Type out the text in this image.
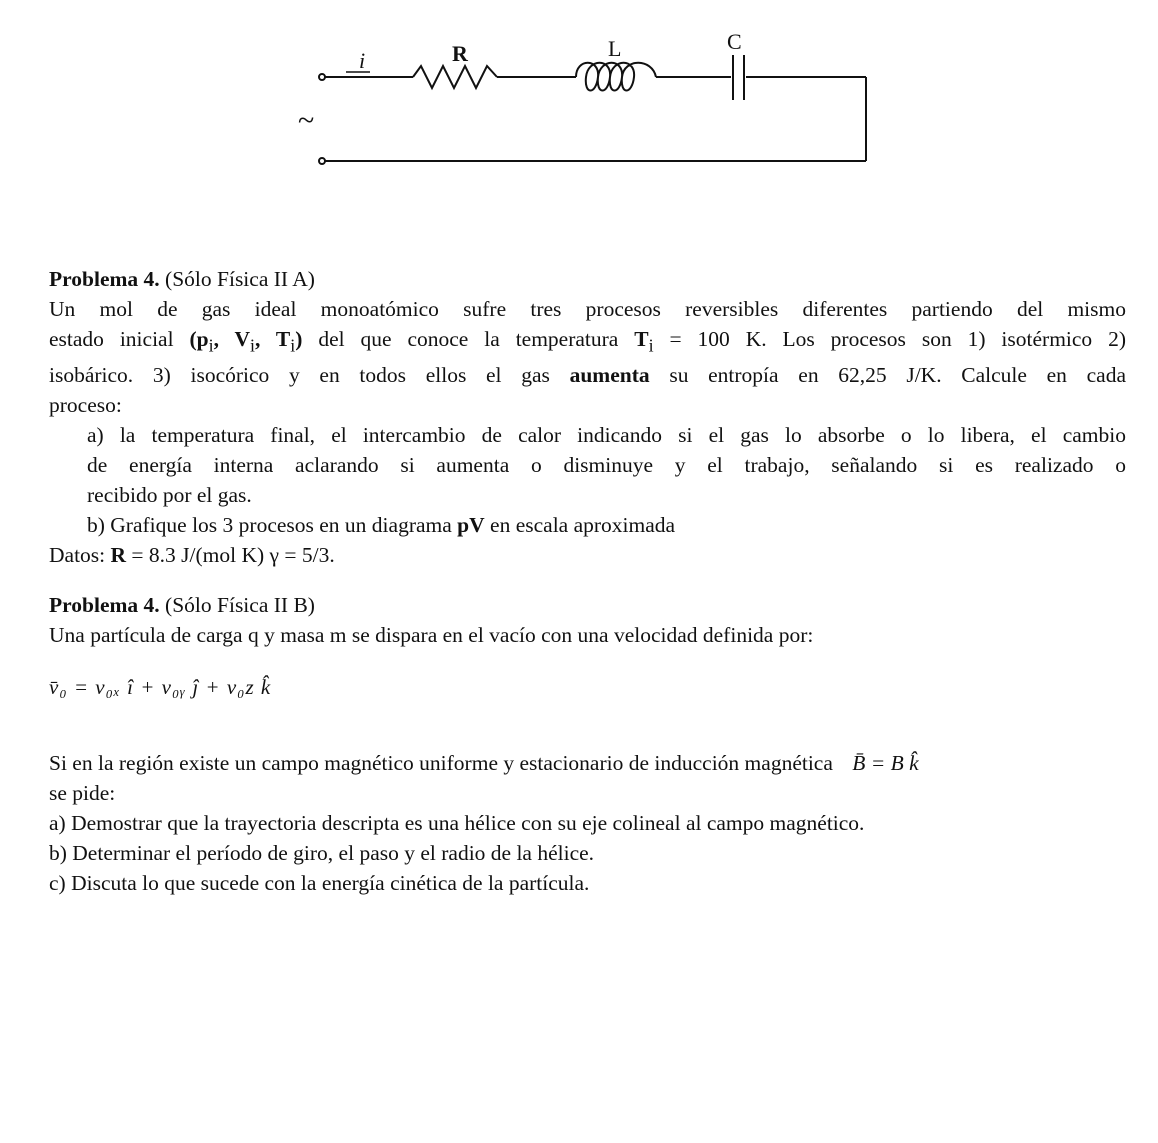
i	R	L	C
~
Problema 4. (Sólo Física II A)
Un mol de gas ideal monoatómico sufre tres procesos reversibles diferentes partiendo del mismo
estado inicial ($p_i$, $V_i$, $T_i$) del que conoce la temperatura $T_i = 100$ K. Los procesos son 1) isotérmico 2)
isobárico. 3) isocórico y en todos ellos el gas aumenta su entropía en 62,25 J/K. Calcule en cada
proceso:
a) la temperatura final, el intercambio de calor indicando si el gas lo absorbe o lo libera, el cambio
de energía interna aclarando si aumenta o disminuye y el trabajo, señalando si es realizado o
recibido por el gas.
b) Grafique los 3 procesos en un diagrama pV en escala aproximada
Datos: R = 8.3 J/(mol K) γ = 5/3.
Problema 4. (Sólo Física II B)
Una partícula de carga q y masa m se dispara en el vacío con una velocidad definida por:
v̄₀ = v₀ₓ î + v₀ᵧ ĵ + v₀z k̂
Si en la región existe un campo magnético uniforme y estacionario de inducción magnética B̄ = B k̂
se pide:
a) Demostrar que la trayectoria descripta es una hélice con su eje colineal al campo magnético.
b) Determinar el período de giro, el paso y el radio de la hélice.
c) Discuta lo que sucede con la energía cinética de la partícula.
